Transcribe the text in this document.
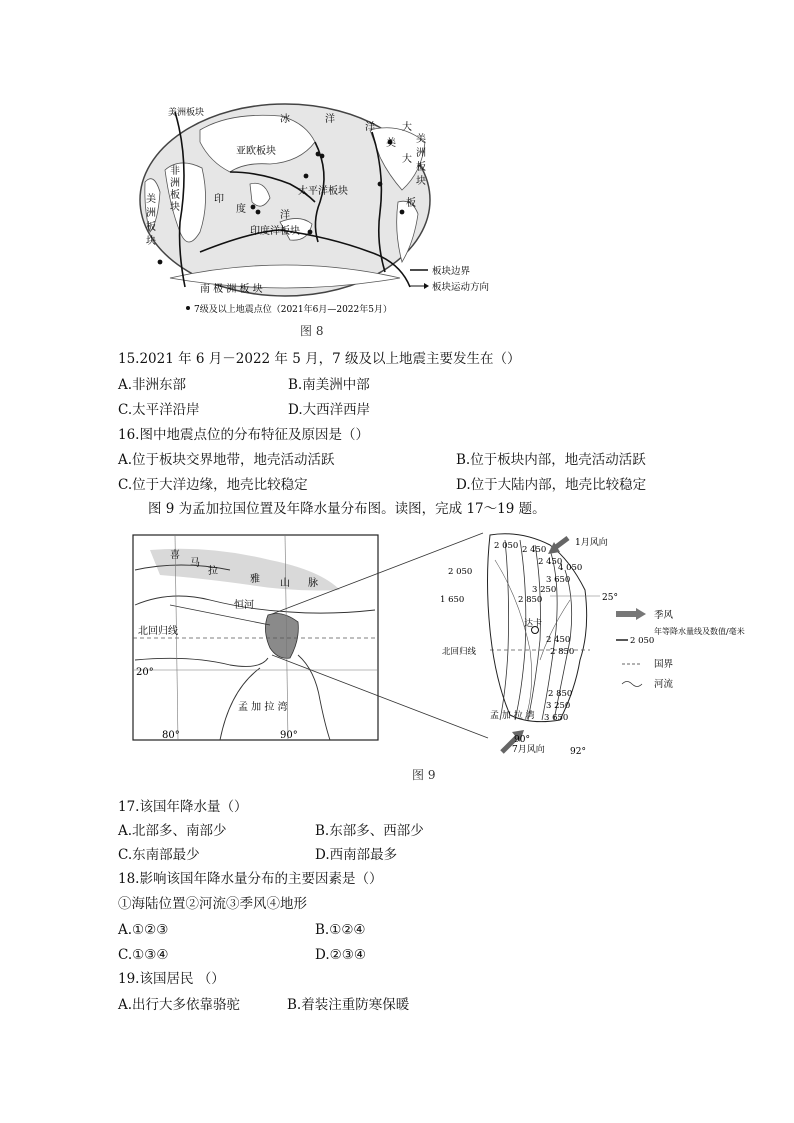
亚欧板块
太平洋板块
印度洋板块
南 极 洲 板 块
非
洲
板
块
美
洲
板
块
美
洲
板
块
美洲板块
冰	洋
洋	大
大
印
度
洋
美
板
板块边界
板块运动方向
7级及以上地震点位（2021年6月—2022年5月）
图 8
15.2021 年 6 月－2022 年 5 月，7 级及以上地震主要发生在（）
A.非洲东部	B.南美洲中部
C.太平洋沿岸	D.大西洋西岸
16.图中地震点位的分布特征及原因是（）
A.位于板块交界地带，地壳活动活跃	B.位于板块内部，地壳活动活跃
C.位于大洋边缘，地壳比较稳定	D.位于大陆内部，地壳比较稳定
图 9 为孟加拉国位置及年降水量分布图。读图，完成 17～19 题。
喜
马
拉
雅 山 脉
恒河
北回归线
孟 加 拉 湾
20°
80°	90°
1月风向
7月风向
25°
90°
92°
达卡
北回归线
孟 加 拉 湾
2 050 2 450
2 450
4 050
3 650
3 250
2 850
2 050
1 650
2 450
2 850
2 850
3 250
3 650
季风
2 050
年等降水量线及数值/毫米
国界
河流
图 9
17.该国年降水量（）
A.北部多、南部少	B.东部多、西部少
C.东南部最少	D.西南部最多
18.影响该国年降水量分布的主要因素是（）
①海陆位置②河流③季风④地形
A.①②③	B.①②④
C.①③④	D.②③④
19.该国居民 （）
A.出行大多依靠骆驼	B.着装注重防寒保暖
